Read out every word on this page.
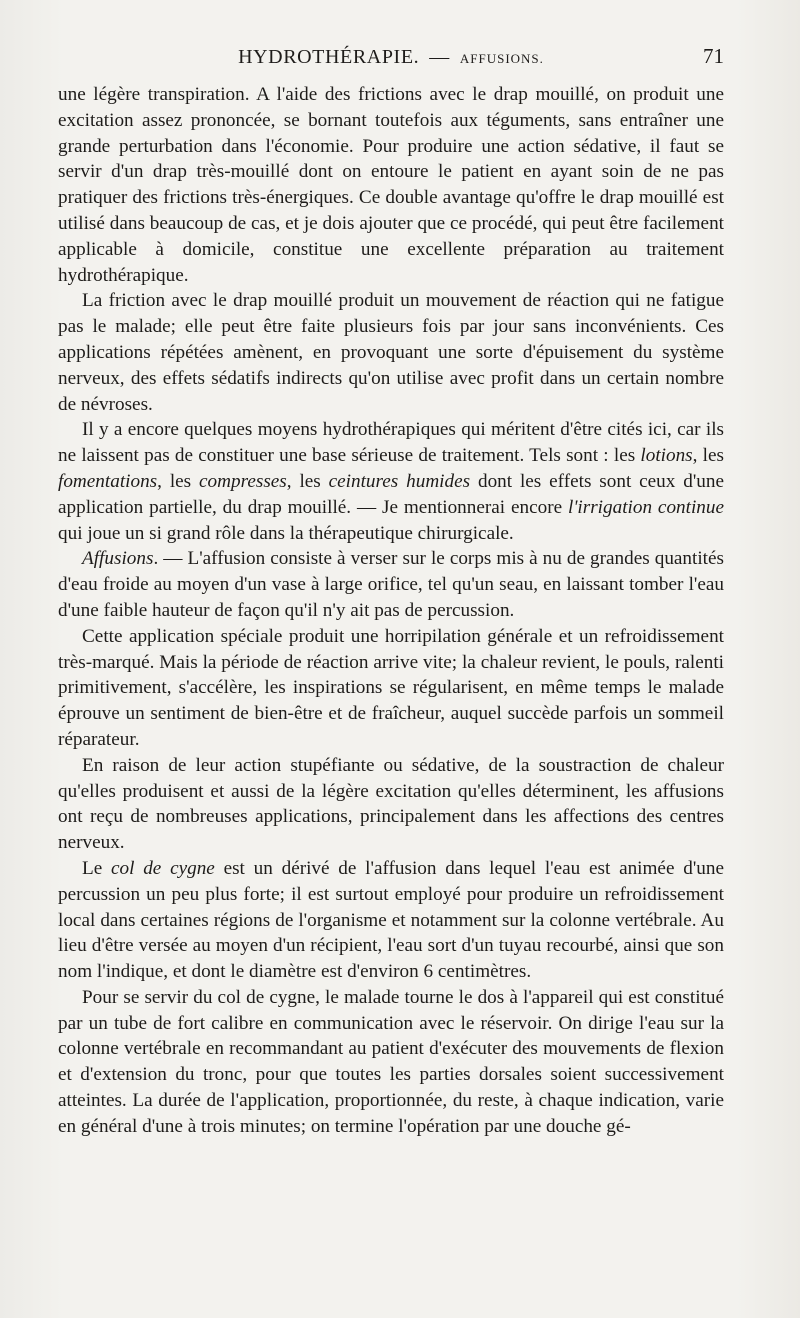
HYDROTHÉRAPIE. — AFFUSIONS.	71

une légère transpiration. A l'aide des frictions avec le drap mouillé, on produit une excitation assez prononcée, se bornant toutefois aux téguments, sans entraîner une grande perturbation dans l'économie. Pour produire une action sédative, il faut se servir d'un drap très-mouillé dont on entoure le patient en ayant soin de ne pas pratiquer des frictions très-énergiques. Ce double avantage qu'offre le drap mouillé est utilisé dans beaucoup de cas, et je dois ajouter que ce procédé, qui peut être facilement applicable à domicile, constitue une excellente préparation au traitement hydrothérapique.

La friction avec le drap mouillé produit un mouvement de réaction qui ne fatigue pas le malade; elle peut être faite plusieurs fois par jour sans inconvénients. Ces applications répétées amènent, en provoquant une sorte d'épuisement du système nerveux, des effets sédatifs indirects qu'on utilise avec profit dans un certain nombre de névroses.

Il y a encore quelques moyens hydrothérapiques qui méritent d'être cités ici, car ils ne laissent pas de constituer une base sérieuse de traitement. Tels sont : les lotions, les fomentations, les compresses, les ceintures humides dont les effets sont ceux d'une application partielle, du drap mouillé. — Je mentionnerai encore l'irrigation continue qui joue un si grand rôle dans la thérapeutique chirurgicale.

Affusions. — L'affusion consiste à verser sur le corps mis à nu de grandes quantités d'eau froide au moyen d'un vase à large orifice, tel qu'un seau, en laissant tomber l'eau d'une faible hauteur de façon qu'il n'y ait pas de percussion.

Cette application spéciale produit une horripilation générale et un refroidissement très-marqué. Mais la période de réaction arrive vite; la chaleur revient, le pouls, ralenti primitivement, s'accélère, les inspirations se régularisent, en même temps le malade éprouve un sentiment de bien-être et de fraîcheur, auquel succède parfois un sommeil réparateur.

En raison de leur action stupéfiante ou sédative, de la soustraction de chaleur qu'elles produisent et aussi de la légère excitation qu'elles déterminent, les affusions ont reçu de nombreuses applications, principalement dans les affections des centres nerveux.

Le col de cygne est un dérivé de l'affusion dans lequel l'eau est animée d'une percussion un peu plus forte; il est surtout employé pour produire un refroidissement local dans certaines régions de l'organisme et notamment sur la colonne vertébrale. Au lieu d'être versée au moyen d'un récipient, l'eau sort d'un tuyau recourbé, ainsi que son nom l'indique, et dont le diamètre est d'environ 6 centimètres.

Pour se servir du col de cygne, le malade tourne le dos à l'appareil qui est constitué par un tube de fort calibre en communication avec le réservoir. On dirige l'eau sur la colonne vertébrale en recommandant au patient d'exécuter des mouvements de flexion et d'extension du tronc, pour que toutes les parties dorsales soient successivement atteintes. La durée de l'application, proportionnée, du reste, à chaque indication, varie en général d'une à trois minutes; on termine l'opération par une douche gé-
